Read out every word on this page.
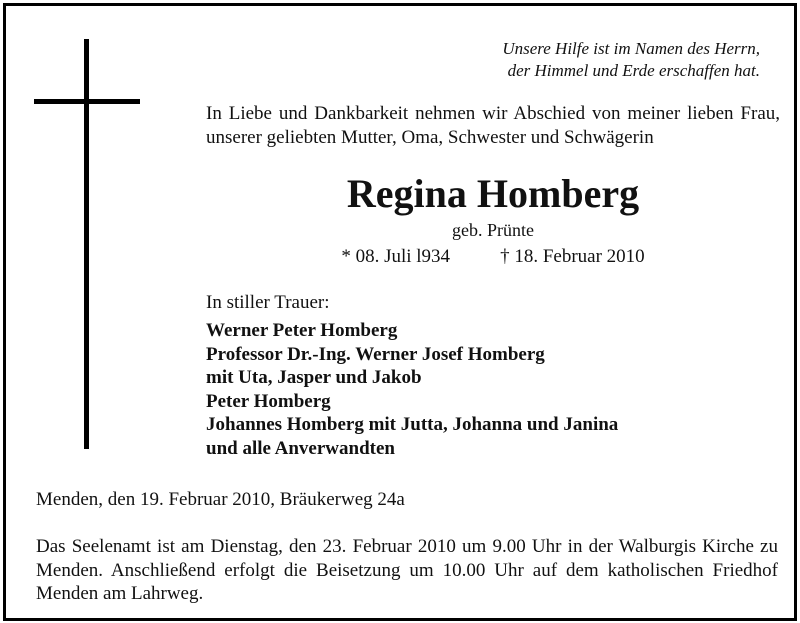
Unsere Hilfe ist im Namen des Herrn,
der Himmel und Erde erschaffen hat.
In Liebe und Dankbarkeit nehmen wir Abschied von meiner lieben Frau, unserer geliebten Mutter, Oma, Schwester und Schwägerin
Regina Homberg
geb. Prünte
* 08. Juli l934	† 18. Februar 2010
In stiller Trauer:
Werner Peter Homberg
Professor Dr.-Ing. Werner Josef Homberg
mit Uta, Jasper und Jakob
Peter Homberg
Johannes Homberg mit Jutta, Johanna und Janina
und alle Anverwandten
Menden, den 19. Februar 2010, Bräukerweg 24a
Das Seelenamt ist am Dienstag, den 23. Februar 2010 um 9.00 Uhr in der Walburgis Kirche zu Menden. Anschließend erfolgt die Beisetzung um 10.00 Uhr auf dem katholischen Friedhof Menden am Lahrweg.
